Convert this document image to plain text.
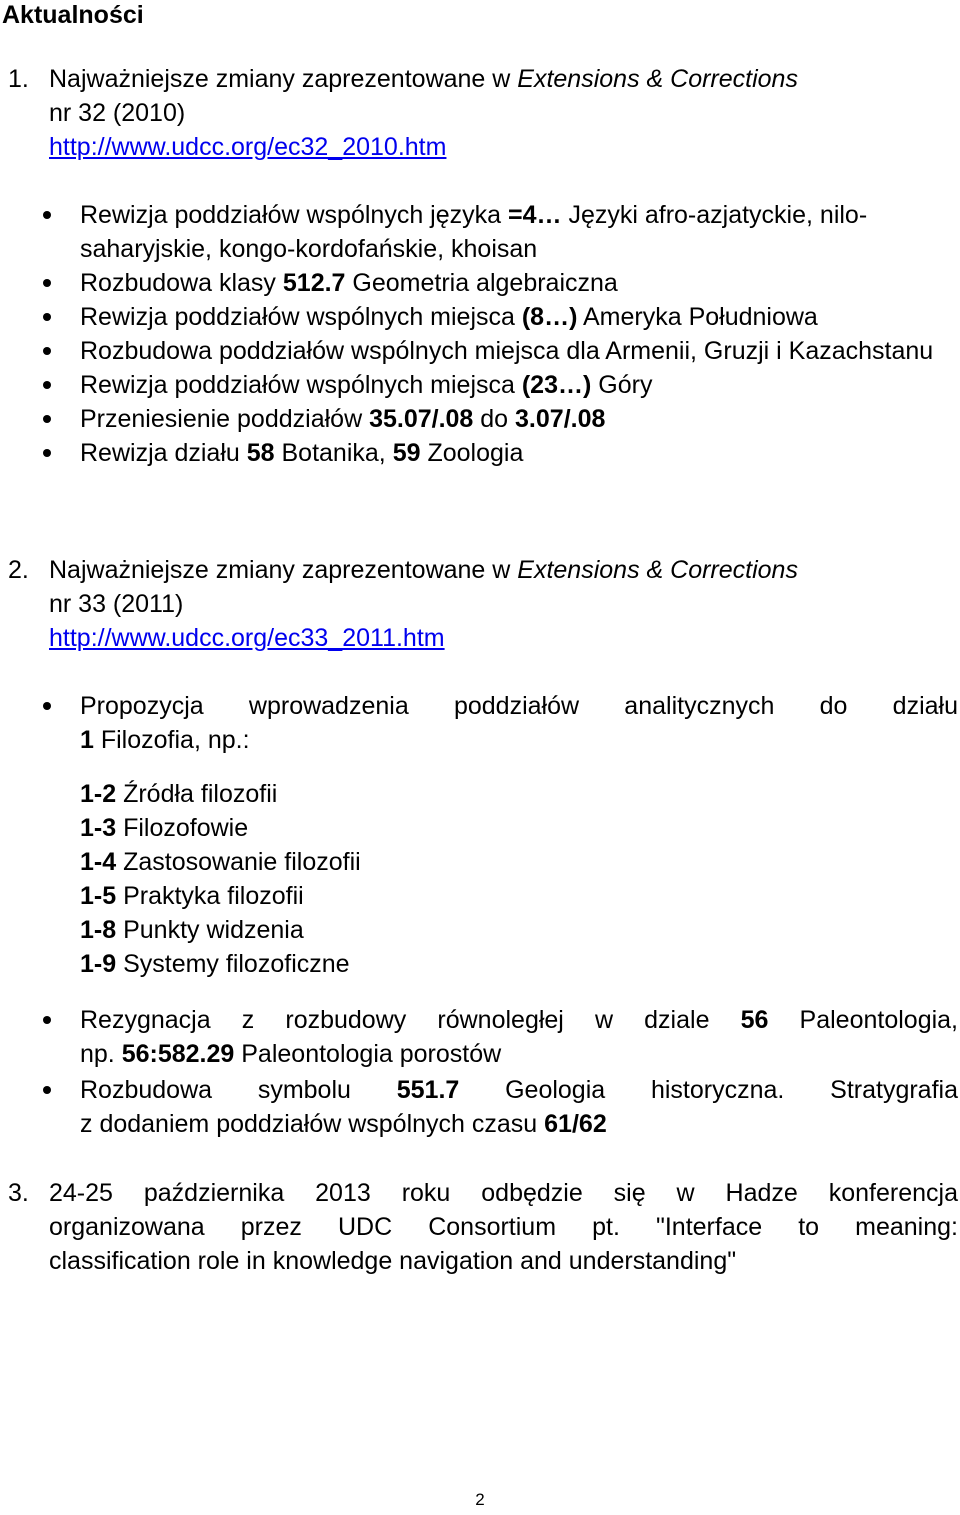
Aktualności
1. Najważniejsze zmiany zaprezentowane w Extensions & Corrections
nr 32 (2010)
http://www.udcc.org/ec32_2010.htm
Rewizja poddziałów wspólnych języka =4… Języki afro-azjatyckie, nilo-saharyjskie, kongo-kordofańskie, khoisan
Rozbudowa klasy 512.7 Geometria algebraiczna
Rewizja poddziałów wspólnych miejsca (8…) Ameryka Południowa
Rozbudowa poddziałów wspólnych miejsca dla Armenii, Gruzji i Kazachstanu
Rewizja poddziałów wspólnych miejsca (23…) Góry
Przeniesienie poddziałów 35.07/.08 do 3.07/.08
Rewizja działu 58 Botanika, 59 Zoologia
2. Najważniejsze zmiany zaprezentowane w Extensions & Corrections
nr 33 (2011)
http://www.udcc.org/ec33_2011.htm
Propozycja wprowadzenia poddziałów analitycznych do działu
1 Filozofia, np.:
1-2 Źródła filozofii
1-3 Filozofowie
1-4 Zastosowanie filozofii
1-5 Praktyka filozofii
1-8 Punkty widzenia
1-9 Systemy filozoficzne
Rezygnacja z rozbudowy równoległej w dziale 56 Paleontologia,
np. 56:582.29 Paleontologia porostów
Rozbudowa symbolu 551.7 Geologia historyczna. Stratygrafia
z dodaniem poddziałów wspólnych czasu 61/62
3. 24-25 października 2013 roku odbędzie się w Hadze konferencja
organizowana przez UDC Consortium pt. "Interface to meaning:
classification role in knowledge navigation and understanding"
2
